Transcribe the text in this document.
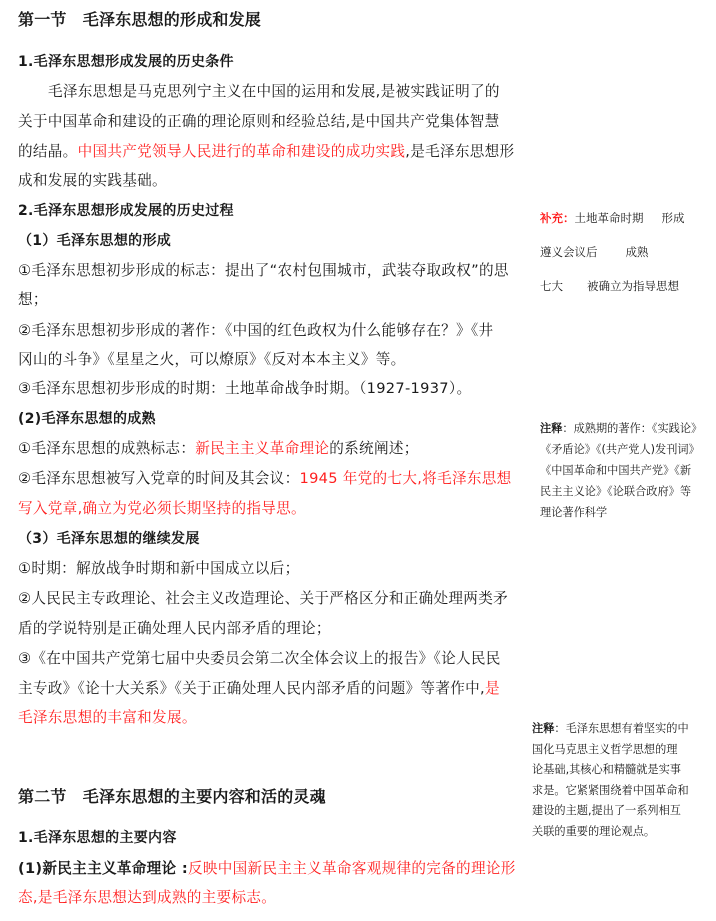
第一节　毛泽东思想的形成和发展
1.毛泽东思想形成发展的历史条件
毛泽东思想是马克思列宁主义在中国的运用和发展,是被实践证明了的
关于中国革命和建设的正确的理论原则和经验总结,是中国共产党集体智慧
的结晶。中国共产党领导人民进行的革命和建设的成功实践,是毛泽东思想形
成和发展的实践基础。
2.毛泽东思想形成发展的历史过程
（1）毛泽东思想的形成
①毛泽东思想初步形成的标志：提出了“农村包围城市，武装夺取政权”的思
想；
②毛泽东思想初步形成的著作：《中国的红色政权为什么能够存在？》《井
冈山的斗争》《星星之火，可以燎原》《反对本本主义》等。
③毛泽东思想初步形成的时期：土地革命战争时期。（1927-1937）。
(2)毛泽东思想的成熟
①毛泽东思想的成熟标志：新民主主义革命理论的系统阐述；
②毛泽东思想被写入党章的时间及其会议：1945 年党的七大,将毛泽东思想
写入党章,确立为党必须长期坚持的指导思。
（3）毛泽东思想的继续发展
①时期：解放战争时期和新中国成立以后；
②人民民主专政理论、社会主义改造理论、关于严格区分和正确处理两类矛
盾的学说特别是正确处理人民内部矛盾的理论；
③《在中国共产党第七届中央委员会第二次全体会议上的报告》《论人民民
主专政》《论十大关系》《关于正确处理人民内部矛盾的问题》等著作中,是
毛泽东思想的丰富和发展。
第二节　毛泽东思想的主要内容和活的灵魂
1.毛泽东思想的主要内容
(1)新民主主义革命理论 :反映中国新民主主义革命客观规律的完备的理论形
态,是毛泽东思想达到成熟的主要标志。
补充：土地革命时期 形成
遵义会议后 成熟
七大 被确立为指导思想
注释：成熟期的著作：《实践论》
《矛盾论》《(共产党人)发刊词》
《中国革命和中国共产党》《新
民主主义论》《论联合政府》等
理论著作科学
注释：毛泽东思想有着坚实的中
国化马克思主义哲学思想的理
论基础,其核心和精髓就是实事
求是。它紧紧围绕着中国革命和
建设的主题,提出了一系列相互
关联的重要的理论观点。
